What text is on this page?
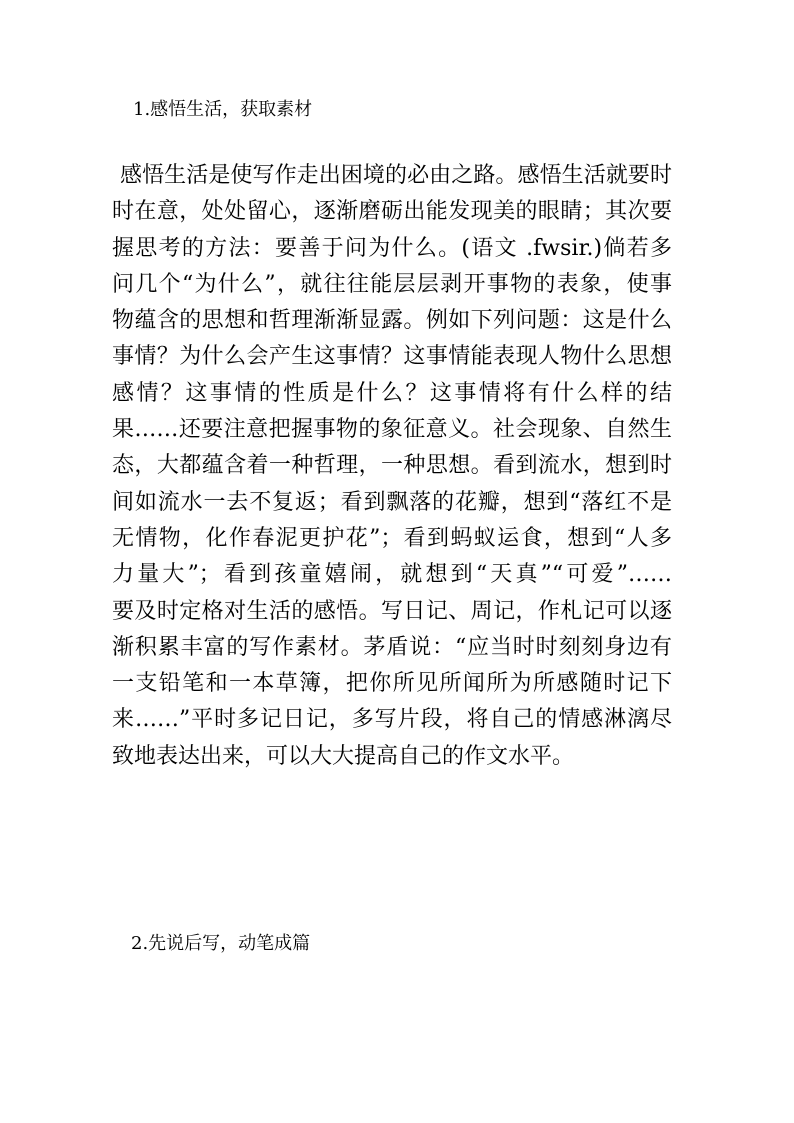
1.感悟生活，获取素材
感悟生活是使写作走出困境的必由之路。感悟生活就要时
时在意，处处留心，逐渐磨砺出能发现美的眼睛；其次要
握思考的方法：要善于问为什么。(语文 .fwsir.)倘若多
问几个“为什么”，就往往能层层剥开事物的表象，使事
物蕴含的思想和哲理渐渐显露。例如下列问题：这是什么
事情？为什么会产生这事情？这事情能表现人物什么思想
感情？这事情的性质是什么？这事情将有什么样的结
果……还要注意把握事物的象征意义。社会现象、自然生
态，大都蕴含着一种哲理，一种思想。看到流水，想到时
间如流水一去不复返；看到飘落的花瓣，想到“落红不是
无情物，化作春泥更护花”；看到蚂蚁运食，想到“人多
力量大”；看到孩童嬉闹，就想到“天真”“可爱”……
要及时定格对生活的感悟。写日记、周记，作札记可以逐
渐积累丰富的写作素材。茅盾说：“应当时时刻刻身边有
一支铅笔和一本草簿，把你所见所闻所为所感随时记下
来……”平时多记日记，多写片段，将自己的情感淋漓尽
致地表达出来，可以大大提高自己的作文水平。
2.先说后写，动笔成篇
